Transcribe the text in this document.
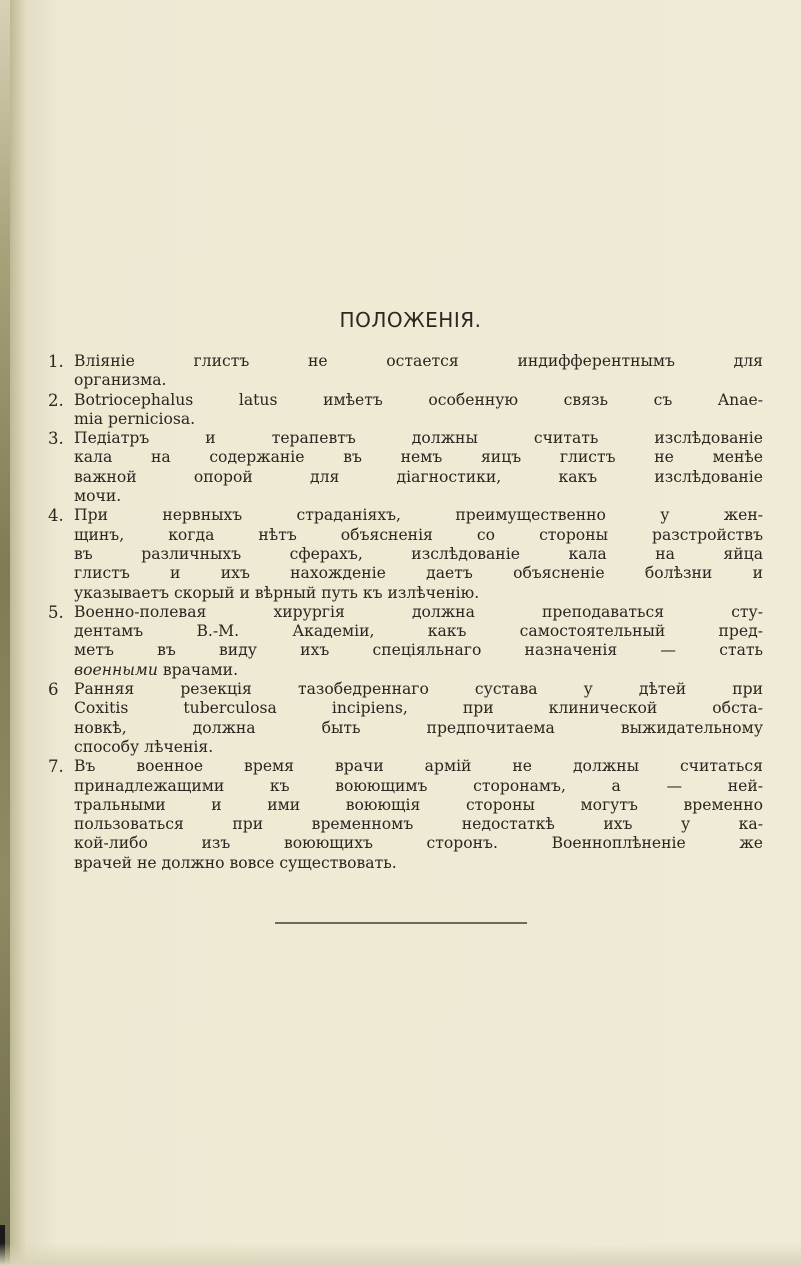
ПОЛОЖЕНІЯ.
1. Вліяніе глистъ не остается индифферентнымъ для
организма.
2. Botriocephalus latus имѣетъ особенную связь съ Anae-
mia perniciosa.
3. Педіатръ и терапевтъ должны считать изслѣдованіе
кала на содержаніе въ немъ яицъ глистъ не менѣе
важной опорой для діагностики, какъ изслѣдованіе
мочи.
4. При нервныхъ страданіяхъ, преимущественно у жен-
щинъ, когда нѣтъ объясненія со стороны разстройствъ
въ различныхъ сферахъ, изслѣдованіе кала на яйца
глистъ и ихъ нахожденіе даетъ объясненіе болѣзни и
указываетъ скорый и вѣрный путь къ излѣченію.
5. Военно-полевая хирургія должна преподаваться сту-
дентамъ В.-М. Академіи, какъ самостоятельный пред-
метъ въ виду ихъ спеціяльнаго назначенія — стать
военными врачами.
6 Ранняя резекція тазобедреннаго сустава у дѣтей при
Coxitis tuberculosa incipiens, при клинической обста-
новкѣ, должна быть предпочитаема выжидательному
способу лѣченія.
7. Въ военное время врачи армій не должны считаться
принадлежащими къ воюющимъ сторонамъ, а — ней-
тральными и ими воюющія стороны могутъ временно
пользоваться при временномъ недостаткѣ ихъ у ка-
кой-либо изъ воюющихъ сторонъ. Военноплѣненіе же
врачей не должно вовсе существовать.
